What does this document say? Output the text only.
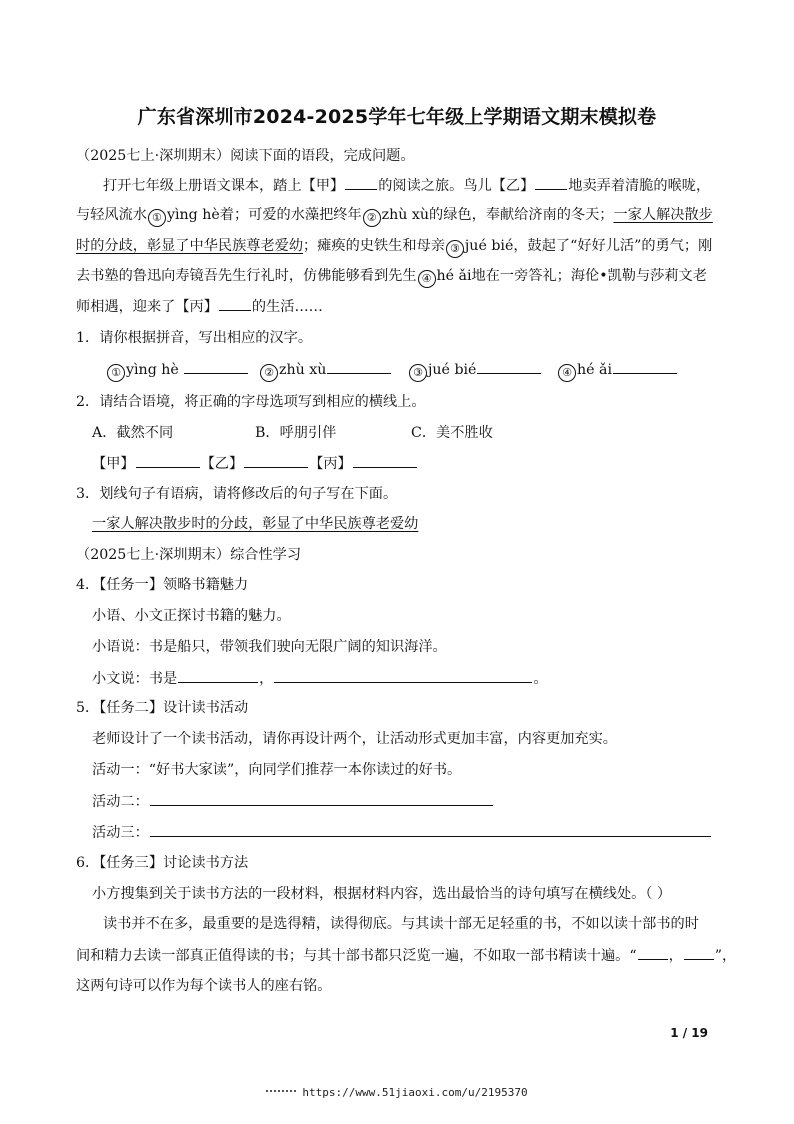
广东省深圳市2024-2025学年七年级上学期语文期末模拟卷
（2025七上·深圳期末）阅读下面的语段，完成问题。
打开七年级上册语文课本，踏上【甲】 的阅读之旅。鸟儿【乙】 地卖弄着清脆的喉咙，
与轻风流水 ① yìng hè着；可爱的水藻把终年 ② zhù xù的绿色，奉献给济南的冬天；一家人解决散步
时的分歧，彰显了中华民族尊老爱幼；瘫痪的史铁生和母亲 ③ jué bié，鼓起了“好好儿活”的勇气；刚
去书塾的鲁迅向寿镜吾先生行礼时，仿佛能够看到先生 ④ hé ǎi地在一旁答礼；海伦•凯勒与莎莉文老
师相遇，迎来了【丙】 的生活……
1．请你根据拼音，写出相应的汉字。
① yìng hè	② zhù xù	③ jué bié	④ hé ǎi
2．请结合语境，将正确的字母选项写到相应的横线上。
A．截然不同	B．呼朋引伴	C．美不胜收
【甲】	【乙】	【丙】
3．划线句子有语病，请将修改后的句子写在下面。
一家人解决散步时的分歧，彰显了中华民族尊老爱幼
（2025七上·深圳期末）综合性学习
4．【任务一】领略书籍魅力
小语、小文正探讨书籍的魅力。
小语说：书是船只，带领我们驶向无限广阔的知识海洋。
小文说：书是	，	。
5．【任务二】设计读书活动
老师设计了一个读书活动，请你再设计两个，让活动形式更加丰富，内容更加充实。
活动一：“好书大家读”，向同学们推荐一本你读过的好书。
活动二：
活动三：
6．【任务三】讨论读书方法
小方搜集到关于读书方法的一段材料，根据材料内容，选出最恰当的诗句填写在横线处。（ ）
读书并不在多，最重要的是选得精，读得彻底。与其读十部无足轻重的书，不如以读十部书的时
间和精力去读一部真正值得读的书；与其十部书都只泛览一遍，不如取一部书精读十遍。“ ， ”，
这两句诗可以作为每个读书人的座右铭。
1 / 19
https://www.51jiaoxi.com/u/2195370
